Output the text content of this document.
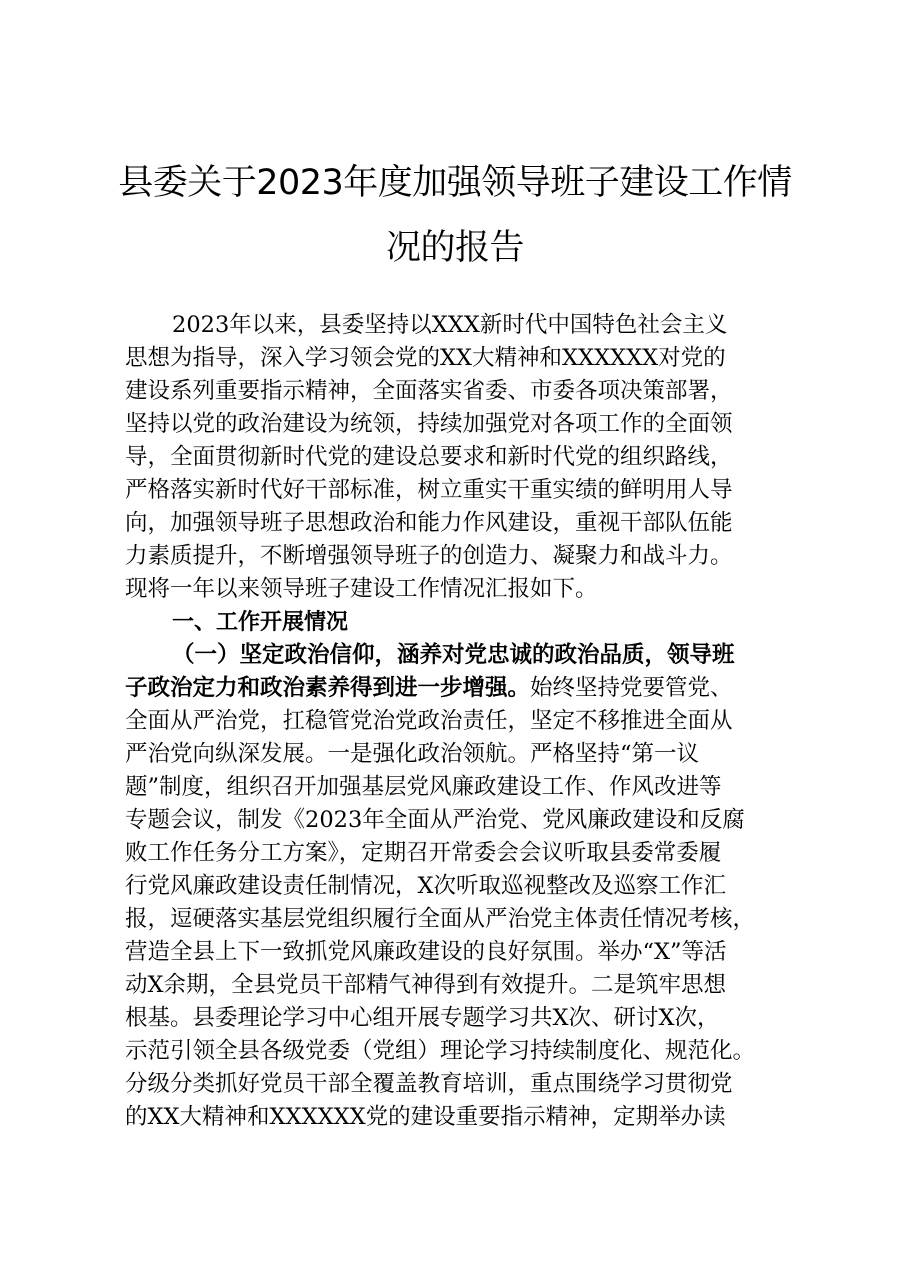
县委关于2023年度加强领导班子建设工作情
况的报告
2023年以来，县委坚持以XXX新时代中国特色社会主义
思想为指导，深入学习领会党的XX大精神和XXXXXX对党的
建设系列重要指示精神，全面落实省委、市委各项决策部署，
坚持以党的政治建设为统领，持续加强党对各项工作的全面领
导，全面贯彻新时代党的建设总要求和新时代党的组织路线，
严格落实新时代好干部标准，树立重实干重实绩的鲜明用人导
向，加强领导班子思想政治和能力作风建设，重视干部队伍能
力素质提升，不断增强领导班子的创造力、凝聚力和战斗力。
现将一年以来领导班子建设工作情况汇报如下。
一、工作开展情况
（一）坚定政治信仰，涵养对党忠诚的政治品质，领导班
子政治定力和政治素养得到进一步增强。始终坚持党要管党、
全面从严治党，扛稳管党治党政治责任，坚定不移推进全面从
严治党向纵深发展。一是强化政治领航。严格坚持“第一议
题”制度，组织召开加强基层党风廉政建设工作、作风改进等
专题会议，制发《2023年全面从严治党、党风廉政建设和反腐
败工作任务分工方案》，定期召开常委会会议听取县委常委履
行党风廉政建设责任制情况，X次听取巡视整改及巡察工作汇
报，逗硬落实基层党组织履行全面从严治党主体责任情况考核，
营造全县上下一致抓党风廉政建设的良好氛围。举办“X”等活
动X余期，全县党员干部精气神得到有效提升。二是筑牢思想
根基。县委理论学习中心组开展专题学习共X次、研讨X次，
示范引领全县各级党委（党组）理论学习持续制度化、规范化。
分级分类抓好党员干部全覆盖教育培训，重点围绕学习贯彻党
的XX大精神和XXXXXX党的建设重要指示精神，定期举办读
